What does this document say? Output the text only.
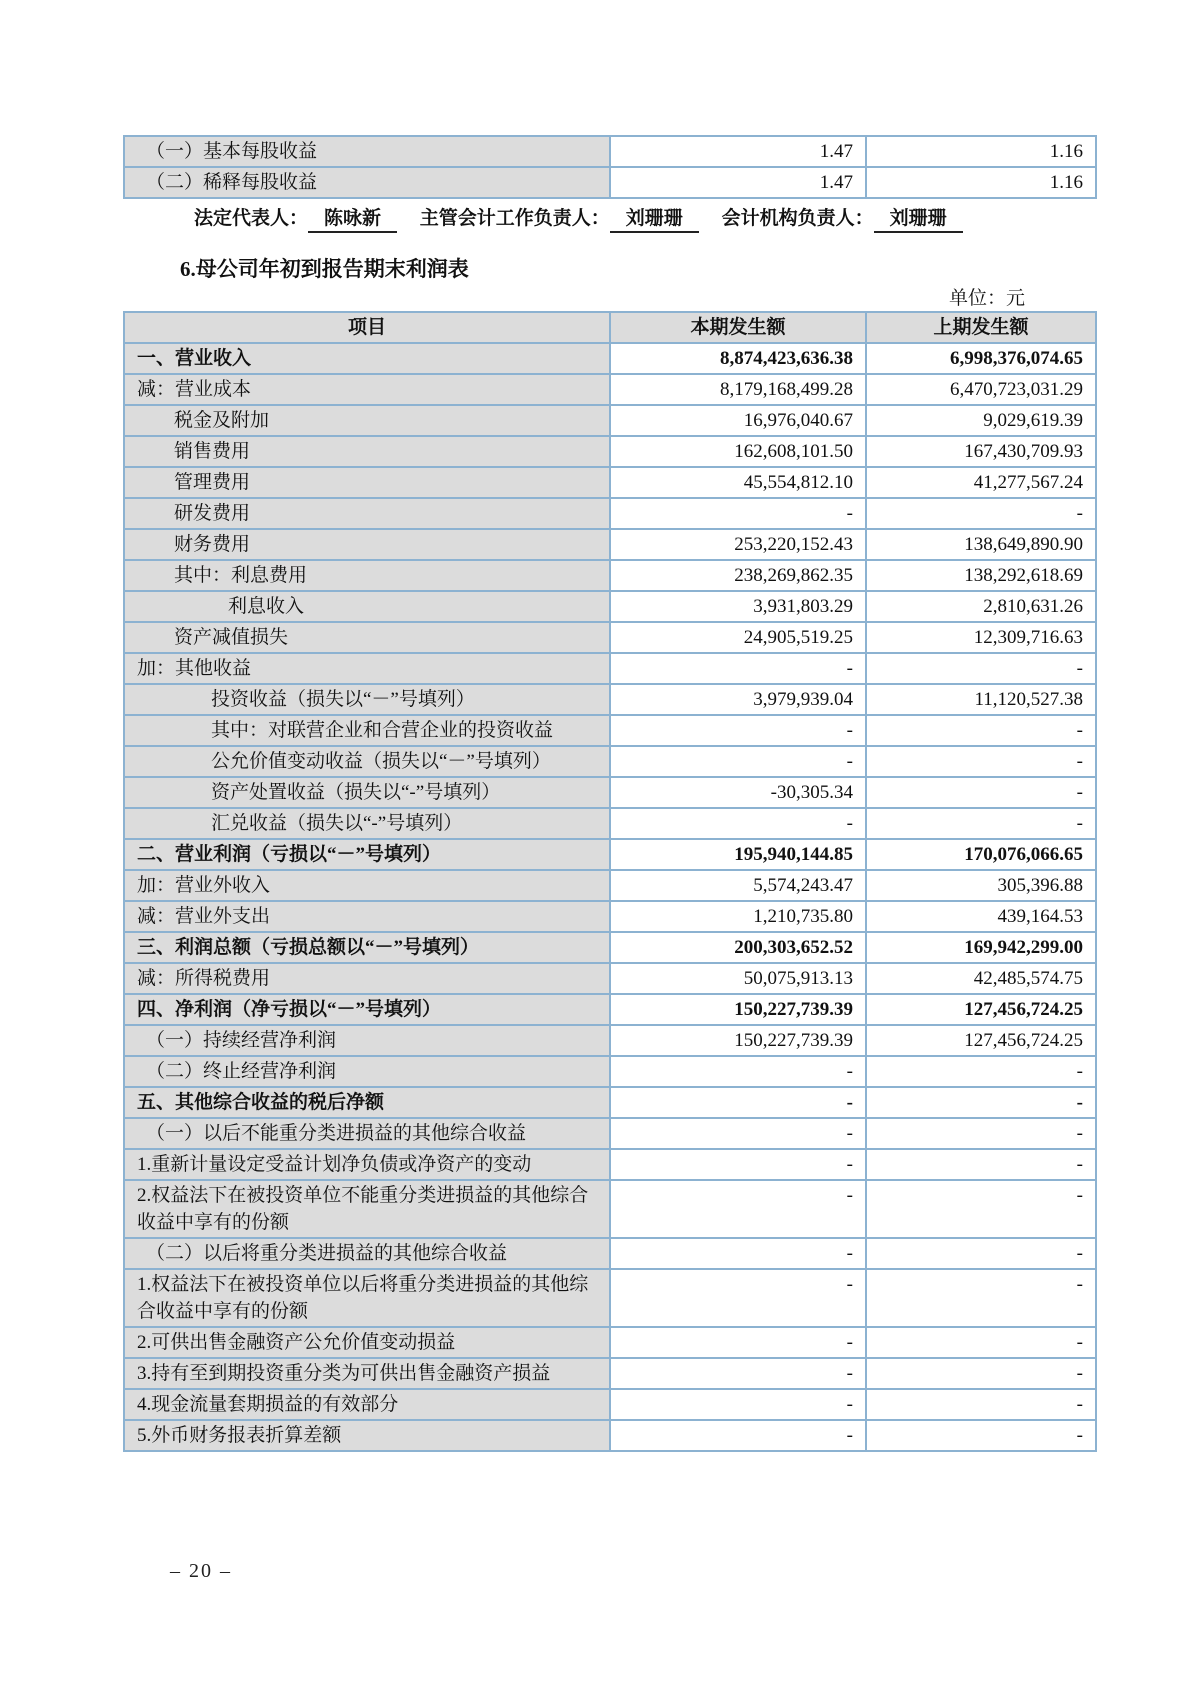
（一）基本每股收益	1.47	1.16
（二）稀释每股收益	1.47	1.16
法定代表人： 陈咏新 主管会计工作负责人： 刘珊珊 会计机构负责人： 刘珊珊
6.母公司年初到报告期末利润表
单位：元
项目	本期发生额	上期发生额
一、营业收入	8,874,423,636.38	6,998,376,074.65
减：营业成本	8,179,168,499.28	6,470,723,031.29
税金及附加	16,976,040.67	9,029,619.39
销售费用	162,608,101.50	167,430,709.93
管理费用	45,554,812.10	41,277,567.24
研发费用	-	-
财务费用	253,220,152.43	138,649,890.90
其中：利息费用	238,269,862.35	138,292,618.69
利息收入	3,931,803.29	2,810,631.26
资产减值损失	24,905,519.25	12,309,716.63
加：其他收益	-	-
投资收益（损失以“－”号填列）	3,979,939.04	11,120,527.38
其中：对联营企业和合营企业的投资收益	-	-
公允价值变动收益（损失以“－”号填列）	-	-
资产处置收益（损失以“-”号填列）	-30,305.34	-
汇兑收益（损失以“-”号填列）	-	-
二、营业利润（亏损以“－”号填列）	195,940,144.85	170,076,066.65
加：营业外收入	5,574,243.47	305,396.88
减：营业外支出	1,210,735.80	439,164.53
三、利润总额（亏损总额以“－”号填列）	200,303,652.52	169,942,299.00
减：所得税费用	50,075,913.13	42,485,574.75
四、净利润（净亏损以“－”号填列）	150,227,739.39	127,456,724.25
（一）持续经营净利润	150,227,739.39	127,456,724.25
（二）终止经营净利润	-	-
五、其他综合收益的税后净额	-	-
（一）以后不能重分类进损益的其他综合收益	-	-
1.重新计量设定受益计划净负债或净资产的变动	-	-
2.权益法下在被投资单位不能重分类进损益的其他综合收益中享有的份额	-	-
（二）以后将重分类进损益的其他综合收益	-	-
1.权益法下在被投资单位以后将重分类进损益的其他综合收益中享有的份额	-	-
2.可供出售金融资产公允价值变动损益	-	-
3.持有至到期投资重分类为可供出售金融资产损益	-	-
4.现金流量套期损益的有效部分	-	-
5.外币财务报表折算差额	-	-
– 20 –
